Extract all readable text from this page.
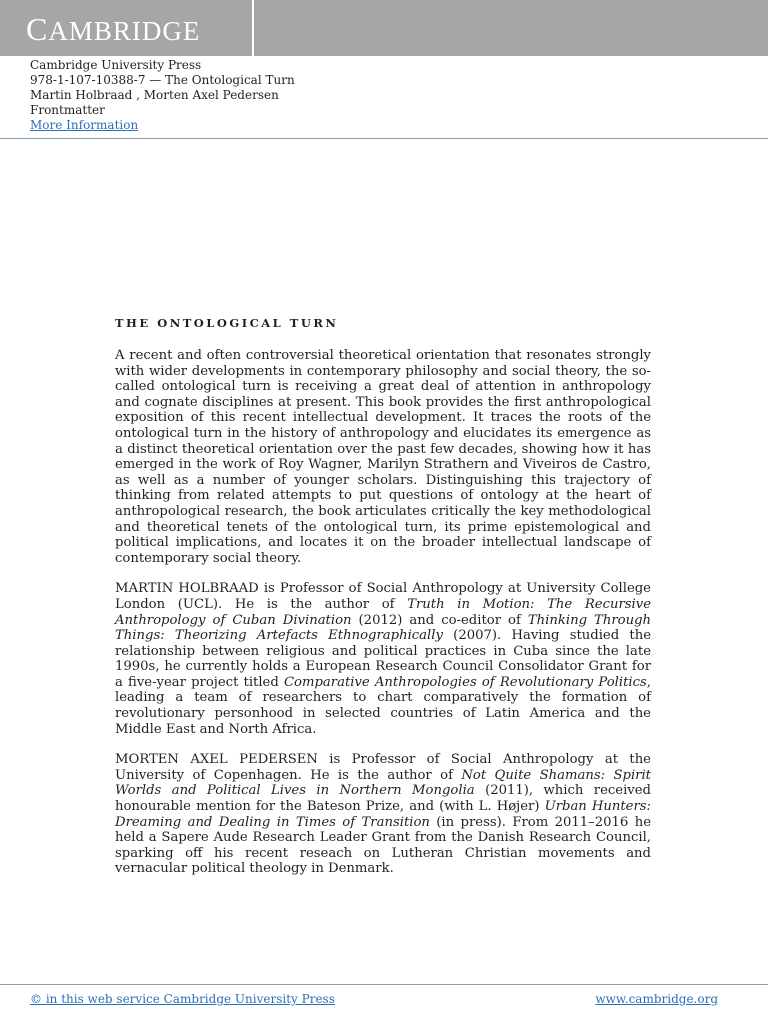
CAMBRIDGE
Cambridge University Press
978-1-107-10388-7 — The Ontological Turn
Martin Holbraad , Morten Axel Pedersen
Frontmatter
More Information
THE ONTOLOGICAL TURN

A recent and often controversial theoretical orientation that resonates strongly with wider developments in contemporary philosophy and social theory, the so-called ontological turn is receiving a great deal of attention in anthropology and cognate disciplines at present. This book provides the first anthropological exposition of this recent intellectual development. It traces the roots of the ontological turn in the history of anthropology and elucidates its emergence as a distinct theoretical orientation over the past few decades, showing how it has emerged in the work of Roy Wagner, Marilyn Strathern and Viveiros de Castro, as well as a number of younger scholars. Distinguishing this trajectory of thinking from related attempts to put questions of ontology at the heart of anthropological research, the book articulates critically the key methodological and theoretical tenets of the ontological turn, its prime epistemological and political implications, and locates it on the broader intellectual landscape of contemporary social theory.

MARTIN HOLBRAAD is Professor of Social Anthropology at University College London (UCL). He is the author of Truth in Motion: The Recursive Anthropology of Cuban Divination (2012) and co-editor of Thinking Through Things: Theorizing Artefacts Ethnographically (2007). Having studied the relationship between religious and political practices in Cuba since the late 1990s, he currently holds a European Research Council Consolidator Grant for a five-year project titled Comparative Anthropologies of Revolutionary Politics, leading a team of researchers to chart comparatively the formation of revolutionary personhood in selected countries of Latin America and the Middle East and North Africa.

MORTEN AXEL PEDERSEN is Professor of Social Anthropology at the University of Copenhagen. He is the author of Not Quite Shamans: Spirit Worlds and Political Lives in Northern Mongolia (2011), which received honourable mention for the Bateson Prize, and (with L. Højer) Urban Hunters: Dreaming and Dealing in Times of Transition (in press). From 2011–2016 he held a Sapere Aude Research Leader Grant from the Danish Research Council, sparking off his recent reseach on Lutheran Christian movements and vernacular political theology in Denmark.

© in this web service Cambridge University Press	www.cambridge.org
